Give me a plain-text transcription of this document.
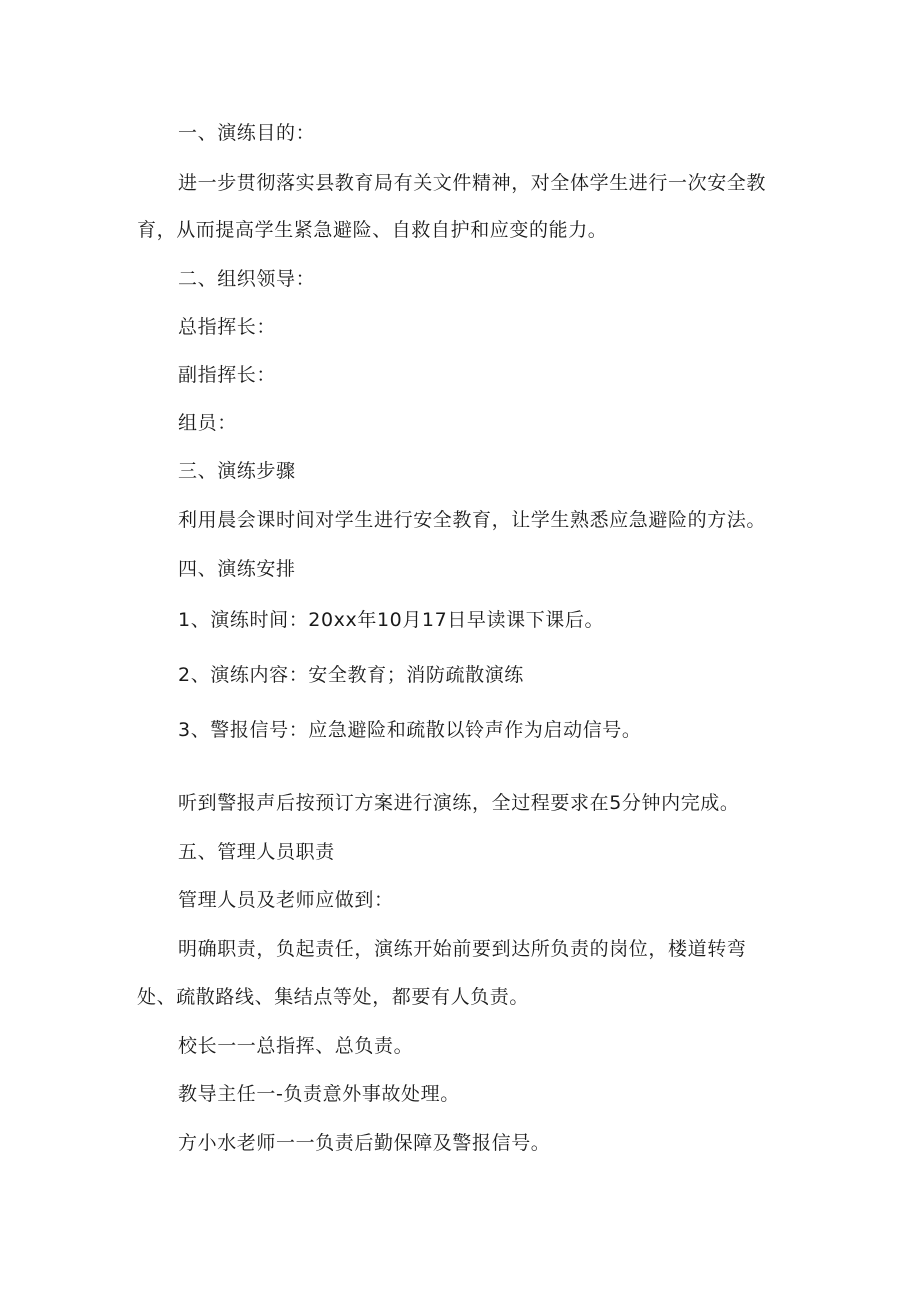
一、演练目的：
进一步贯彻落实县教育局有关文件精神，对全体学生进行一次安全教
育，从而提高学生紧急避险、自救自护和应变的能力。
二、组织领导：
总指挥长：
副指挥长：
组员：
三、演练步骤
利用晨会课时间对学生进行安全教育，让学生熟悉应急避险的方法。
四、演练安排
1、演练时间：20xx年10月17日早读课下课后。
2、演练内容：安全教育；消防疏散演练
3、警报信号：应急避险和疏散以铃声作为启动信号。
听到警报声后按预订方案进行演练，全过程要求在5分钟内完成。
五、管理人员职责
管理人员及老师应做到：
明确职责，负起责任，演练开始前要到达所负责的岗位，楼道转弯
处、疏散路线、集结点等处，都要有人负责。
校长一一总指挥、总负责。
教导主任一-负责意外事故处理。
方小水老师一一负责后勤保障及警报信号。
